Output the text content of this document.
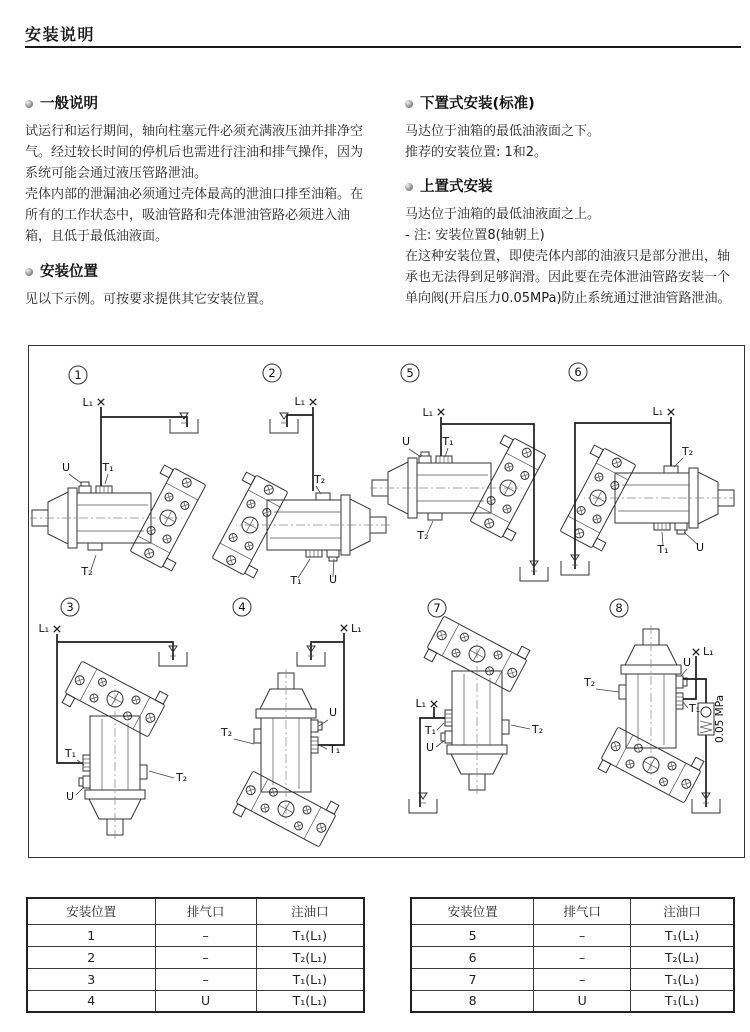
安装说明
一般说明

试运行和运行期间，轴向柱塞元件必须充满液压油并排净空气。经过较长时间的停机后也需进行注油和排气操作，因为系统可能会通过液压管路泄油。

壳体内部的泄漏油必须通过壳体最高的泄油口排至油箱。在所有的工作状态中，吸油管路和壳体泄油管路必须进入油箱，且低于最低油液面。

安装位置

见以下示例。可按要求提供其它安装位置。

下置式安装(标准)

马达位于油箱的最低油液面之下。

推荐的安装位置: 1和2。

上置式安装

马达位于油箱的最低油液面之上。

- 注: 安装位置8(轴朝上)

在这种安装位置，即使壳体内部的油液只是部分泄出，轴承也无法得到足够润滑。因此要在壳体泄油管路安装一个单向阀(开启压力0.05MPa)防止系统通过泄油管路泄油。

L₁
U	T₁
T₂
1
L₁
T₂
T₁ U
2
L₁
U	T₁
T₂
5
L₁
T₂
T₁ U
6
L₁
T₁
U
T₂
3
L₁
U
T₁
T₂
4
L₁
T₁
U
T₂
7
0.05 MPa
L₁
U
T₁
T₂
8
安装位置	排气口	注油口
1	–	T₁(L₁)
2	–	T₂(L₁)
3	–	T₁(L₁)
4	U	T₁(L₁)
安装位置	排气口	注油口
5	–	T₁(L₁)
6	–	T₂(L₁)
7	–	T₁(L₁)
8	U	T₁(L₁)
